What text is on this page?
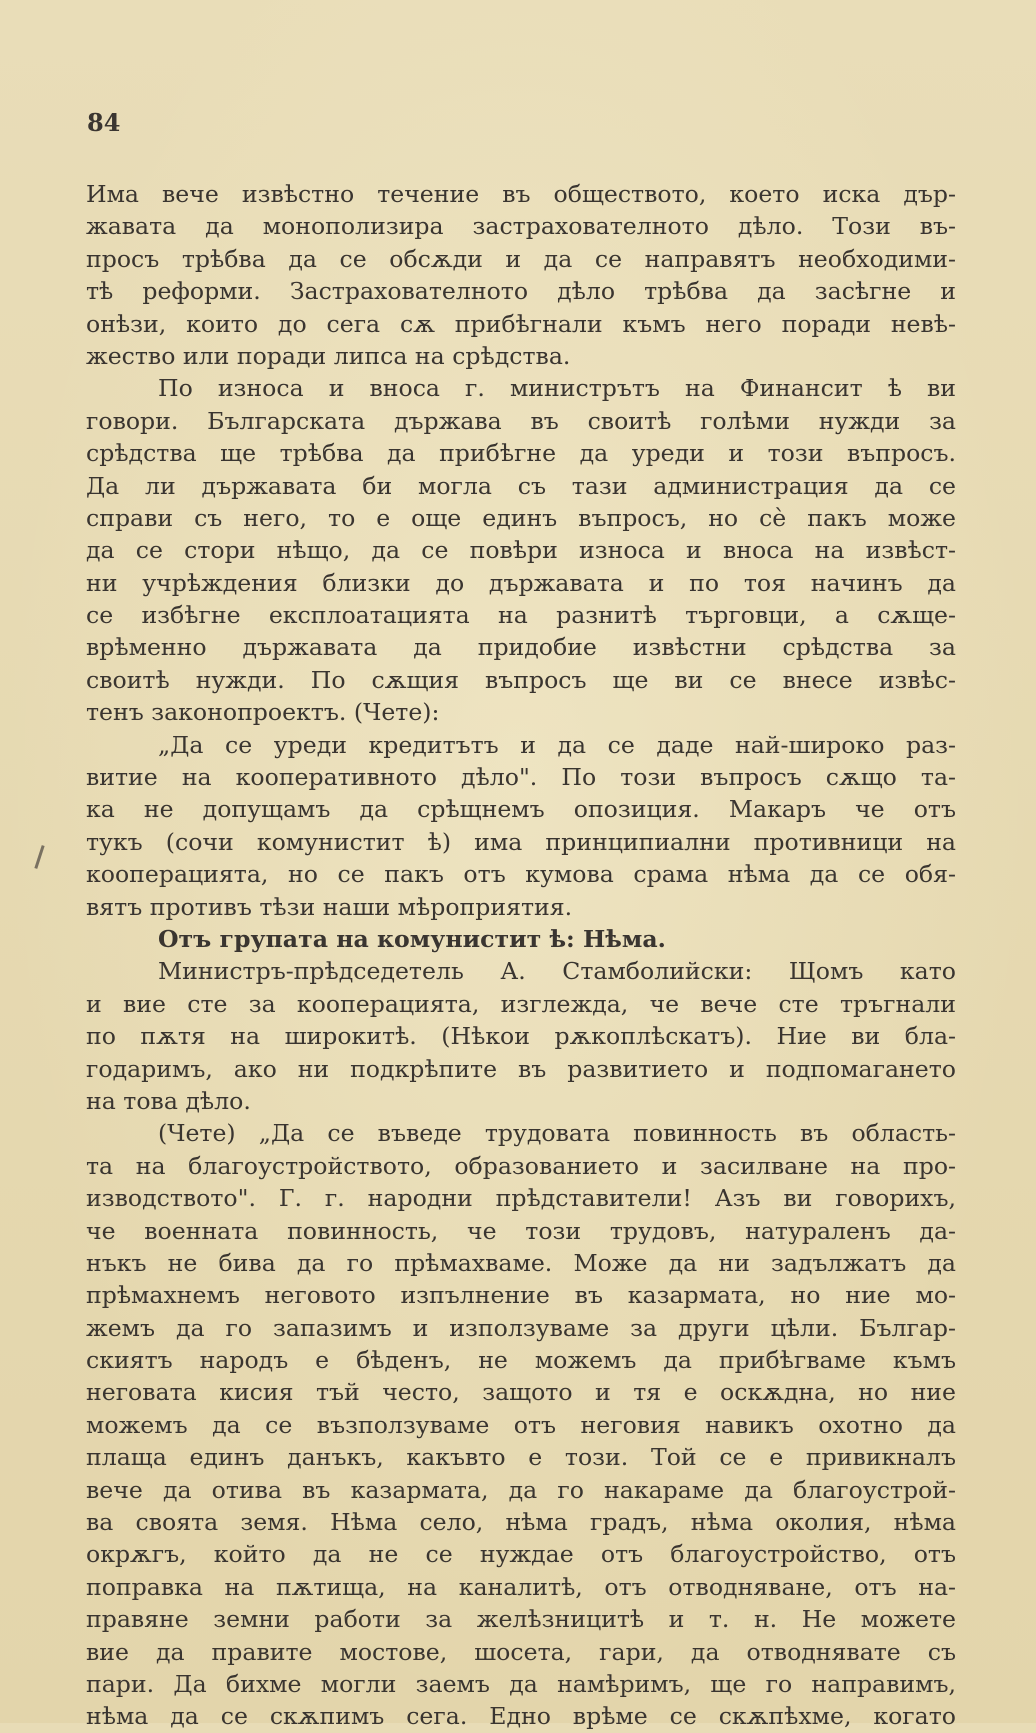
84
Има вече извѣстно течение въ обществото, което иска дър-
жавата да монополизира застрахователното дѣло. Този въ-
просъ трѣбва да се обсѫди и да се направятъ необходими-
тѣ реформи. Застрахователното дѣло трѣбва да засѣгне и
онѣзи, които до сега сѫ прибѣгнали къмъ него поради невѣ-
жество или поради липса на срѣдства.
По износа и вноса г. министрътъ на Финансит ѣ ви
говори. Българската държава въ своитѣ голѣми нужди за
срѣдства ще трѣбва да прибѣгне да уреди и този въпросъ.
Да ли държавата би могла съ тази администрация да се
справи съ него, то е още единъ въпросъ, но сѐ пакъ може
да се стори нѣщо, да се повѣри износа и вноса на извѣст-
ни учрѣждения близки до държавата и по тоя начинъ да
се избѣгне експлоатацията на разнитѣ търговци, а сѫще-
врѣменно държавата да придобие извѣстни срѣдства за
своитѣ нужди. По сѫщия въпросъ ще ви се внесе извѣс-
тенъ законопроектъ. (Чете):
„Да се уреди кредитътъ и да се даде най-широко раз-
витие на кооперативното дѣло". По този въпросъ сѫщо та-
ка не допущамъ да срѣщнемъ опозиция. Макаръ че отъ
тукъ (сочи комунистит ѣ) има принципиални противници на
кооперацията, но се пакъ отъ кумова срама нѣма да се обя-
вятъ противъ тѣзи наши мѣроприятия.
Отъ групата на комунистит ѣ: Нѣма.
Министръ-прѣдседетель А. Стамболийски: Щомъ като
и вие сте за кооперацията, изглежда, че вече сте тръгнали
по пѫтя на широкитѣ. (Нѣкои рѫкоплѣскатъ). Ние ви бла-
годаримъ, ако ни подкрѣпите въ развитието и подпомагането
на това дѣло.
(Чете) „Да се въведе трудовата повинность въ область-
та на благоустройството, образованието и засилване на про-
изводството". Г. г. народни прѣдставители! Азъ ви говорихъ,
че военната повинность, че този трудовъ, натураленъ да-
нъкъ не бива да го прѣмахваме. Може да ни задължатъ да
прѣмахнемъ неговото изпълнение въ казармата, но ние мо-
жемъ да го запазимъ и използуваме за други цѣли. Българ-
скиятъ народъ е бѣденъ, не можемъ да прибѣгваме къмъ
неговата кисия тъй често, защото и тя е оскѫдна, но ние
можемъ да се възползуваме отъ неговия навикъ охотно да
плаща единъ данъкъ, какъвто е този. Той се е привикналъ
вече да отива въ казармата, да го накараме да благоустрой-
ва своята земя. Нѣма село, нѣма градъ, нѣма околия, нѣма
окрѫгъ, който да не се нуждае отъ благоустройство, отъ
поправка на пѫтища, на каналитѣ, отъ отводняване, отъ на-
правяне земни работи за желѣзницитѣ и т. н. Не можете
вие да правите мостове, шосета, гари, да отводнявате съ
пари. Да бихме могли заемъ да намѣримъ, ще го направимъ,
нѣма да се скѫпимъ сега. Едно врѣме се скѫпѣхме, когато
